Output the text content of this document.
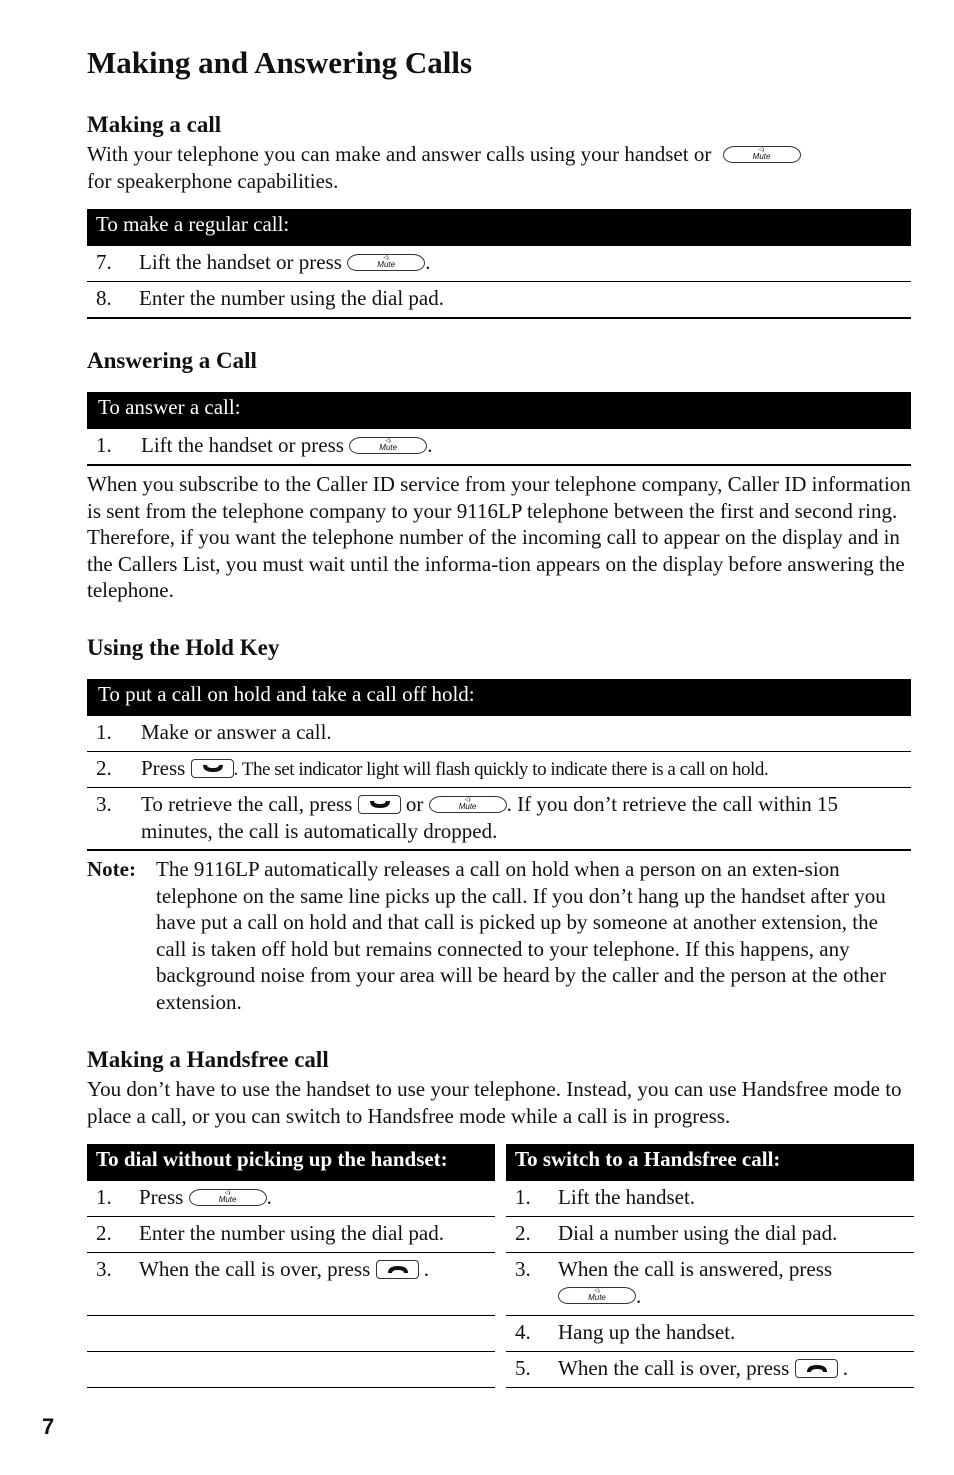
Making and Answering Calls
Making a call
With your telephone you can make and answer calls using your handset or	◁ᵢ
Mute
for speakerphone capabilities.
To make a regular call:
7. Lift the handset or press	◁ᵢ
Mute	.
8. Enter the number using the dial pad.
Answering a Call
To answer a call:
1. Lift the handset or press	◁ᵢ
Mute	.
When you subscribe to the Caller ID service from your telephone company, Caller ID information is sent from the telephone company to your 9116LP telephone between the first and second ring. Therefore, if you want the telephone number of the incoming call to appear on the display and in the Callers List, you must wait until the informa-tion appears on the display before answering the telephone.
Using the Hold Key
To put a call on hold and take a call off hold:
1. Make or answer a call.
2. Press	. The set indicator light will flash quickly to indicate there is a call on hold.
3. To retrieve the call, press	or	◁ᵢ
Mute	. If you don’t retrieve the call within 15
minutes, the call is automatically dropped.
Note: The 9116LP automatically releases a call on hold when a person on an exten-sion telephone on the same line picks up the call. If you don’t hang up the handset after you have put a call on hold and that call is picked up by someone at another extension, the call is taken off hold but remains connected to your telephone. If this happens, any background noise from your area will be heard by the caller and the person at the other extension.
Making a Handsfree call
You don’t have to use the handset to use your telephone. Instead, you can use Handsfree mode to place a call, or you can switch to Handsfree mode while a call is in progress.
To dial without picking up the handset:
1. Press	◁ᵢ
Mute	.
2. Enter the number using the dial pad.
3. When the call is over, press	.
To switch to a Handsfree call:
1. Lift the handset.
2. Dial a number using the dial pad.
3. When the call is answered, press
◁ᵢ
Mute	.
4. Hang up the handset.
5. When the call is over, press	.
7
